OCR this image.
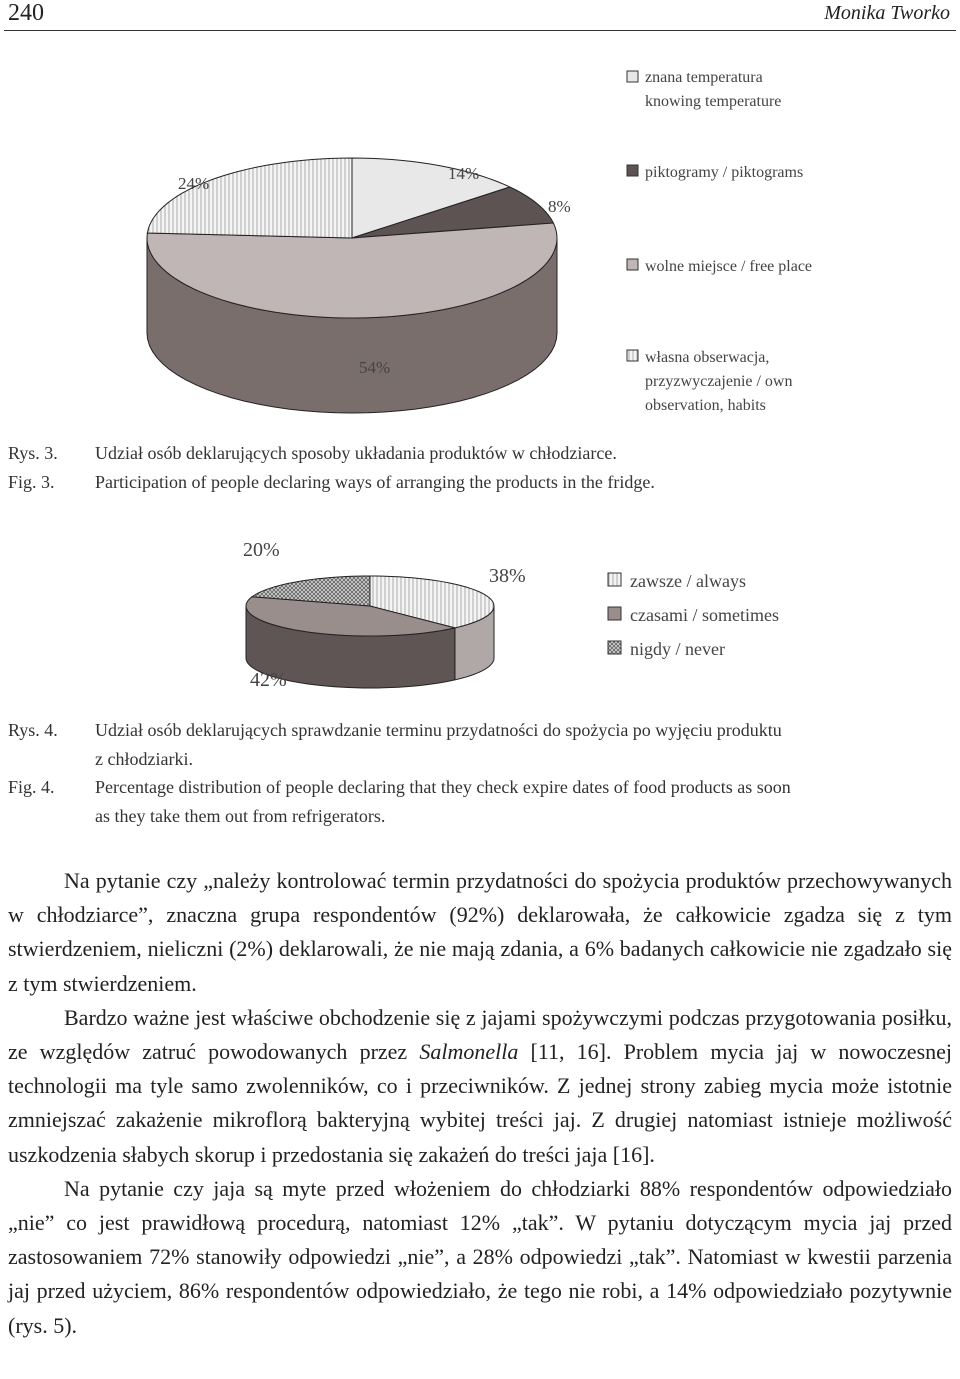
240	Monika Tworko
24%
14%
8%
54%
znana temperatura
knowing temperature
piktogramy / piktograms
wolne miejsce / free place
własna obserwacja,
przyzwyczajenie / own
observation, habits
Rys. 3.	Udział osób deklarujących sposoby układania produktów w chłodziarce.
Fig. 3.	Participation of people declaring ways of arranging the products in the fridge.
20%
38%
42%
zawsze / always
czasami / sometimes
nigdy / never
Rys. 4.	Udział osób deklarujących sprawdzanie terminu przydatności do spożycia po wyjęciu produktu
z chłodziarki.
Fig. 4.	Percentage distribution of people declaring that they check expire dates of food products as soon
as they take them out from refrigerators.

Na pytanie czy „należy kontrolować termin przydatności do spożycia produktów przechowywanych w chłodziarce”, znaczna grupa respondentów (92%) deklarowała, że całkowicie zgadza się z tym stwierdzeniem, nieliczni (2%) deklarowali, że nie mają zdania, a 6% badanych całkowicie nie zgadzało się z tym stwierdzeniem.

Bardzo ważne jest właściwe obchodzenie się z jajami spożywczymi podczas przygotowania posiłku, ze względów zatruć powodowanych przez Salmonella [11, 16]. Problem mycia jaj w nowoczesnej technologii ma tyle samo zwolenników, co i przeciwników. Z jednej strony zabieg mycia może istotnie zmniejszać zakażenie mikroflorą bakteryjną wybitej treści jaj. Z drugiej natomiast istnieje możliwość uszkodzenia słabych skorup i przedostania się zakażeń do treści jaja [16].

Na pytanie czy jaja są myte przed włożeniem do chłodziarki 88% respondentów odpowiedziało „nie” co jest prawidłową procedurą, natomiast 12% „tak”. W pytaniu dotyczącym mycia jaj przed zastosowaniem 72% stanowiły odpowiedzi „nie”, a 28% odpowiedzi „tak”. Natomiast w kwestii parzenia jaj przed użyciem, 86% respondentów odpowiedziało, że tego nie robi, a 14% odpowiedziało pozytywnie (rys. 5).
